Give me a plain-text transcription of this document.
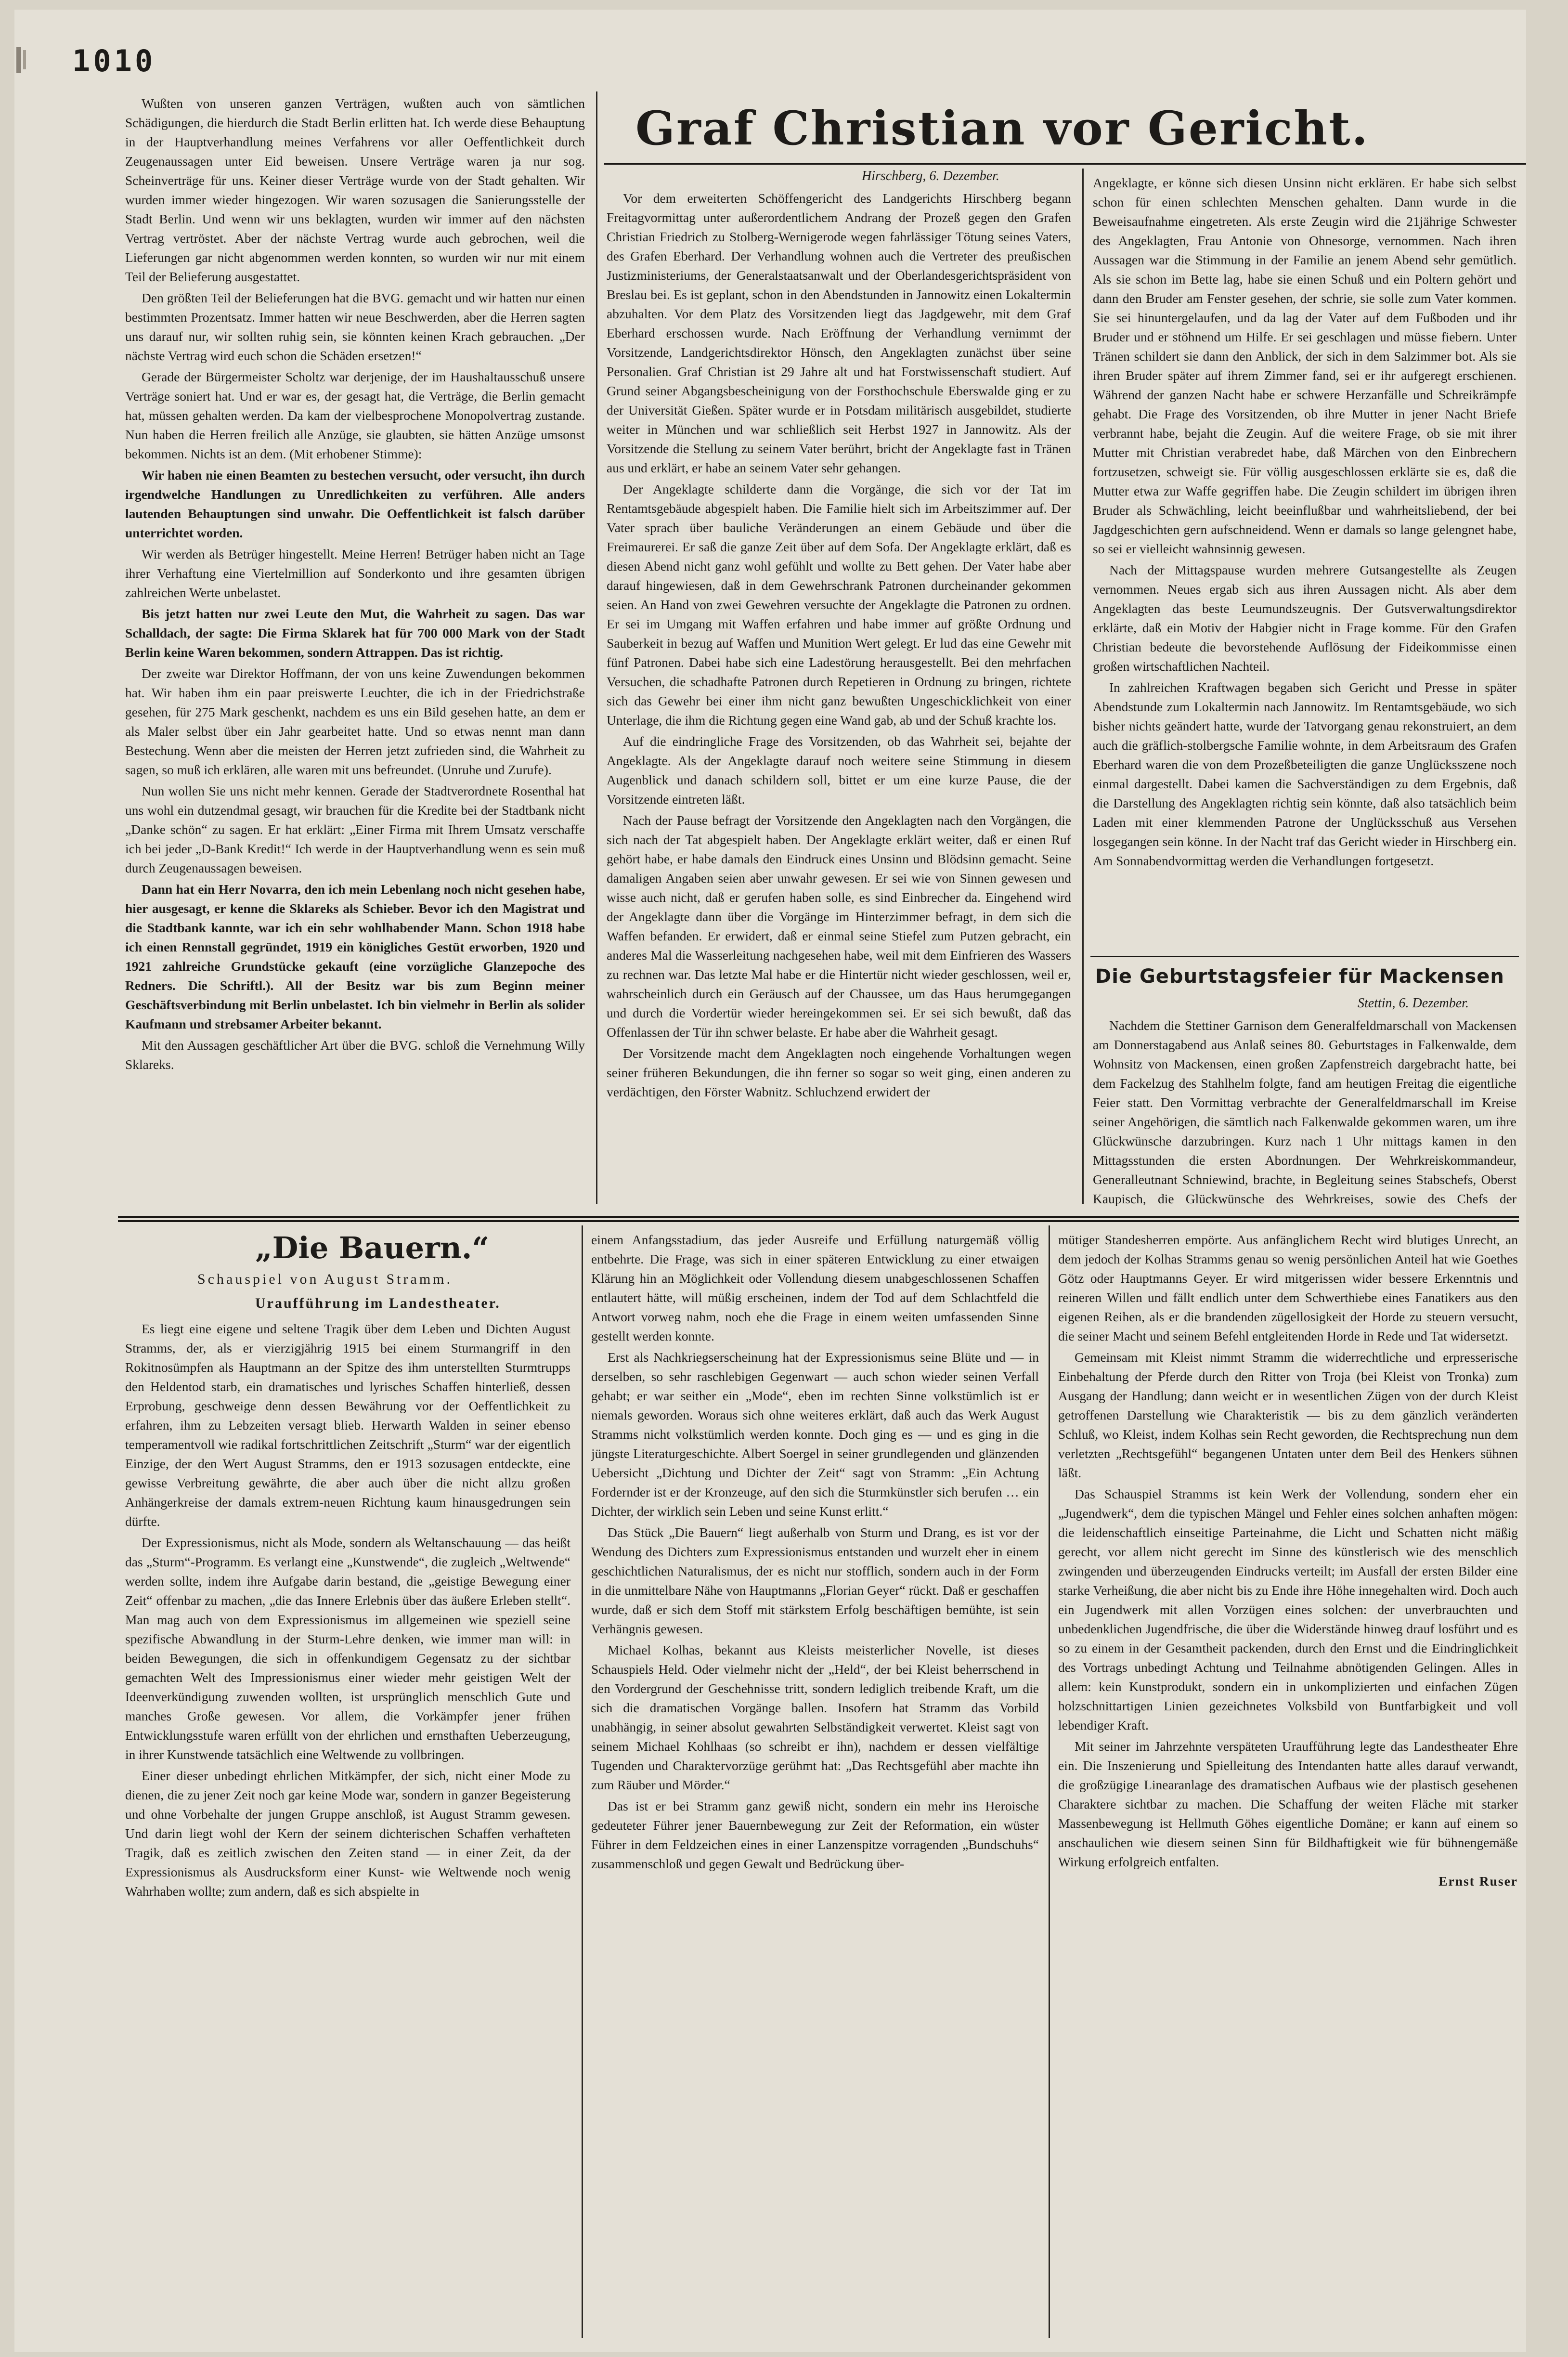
1010

Wußten von unseren ganzen Verträgen, wußten auch von sämtlichen Schädigungen, die hierdurch die Stadt Berlin erlitten hat. Ich werde diese Behauptung in der Hauptverhandlung meines Verfahrens vor aller Oeffentlichkeit durch Zeugenaussagen unter Eid beweisen. Unsere Verträge waren ja nur sog. Scheinverträge für uns. Keiner dieser Verträge wurde von der Stadt gehalten. Wir wurden immer wieder hingezogen. Wir waren sozusagen die Sanierungsstelle der Stadt Berlin. Und wenn wir uns beklagten, wurden wir immer auf den nächsten Vertrag vertröstet. Aber der nächste Vertrag wurde auch gebrochen, weil die Lieferungen gar nicht abgenommen werden konnten, so wurden wir nur mit einem Teil der Belieferung ausgestattet.

Den größten Teil der Belieferungen hat die BVG. gemacht und wir hatten nur einen bestimmten Prozentsatz. Immer hatten wir neue Beschwerden, aber die Herren sagten uns darauf nur, wir sollten ruhig sein, sie könnten keinen Krach gebrauchen. „Der nächste Vertrag wird euch schon die Schäden ersetzen!“

Gerade der Bürgermeister Scholtz war derjenige, der im Haushaltausschuß unsere Verträge soniert hat. Und er war es, der gesagt hat, die Verträge, die Berlin gemacht hat, müssen gehalten werden. Da kam der vielbesprochene Monopolvertrag zustande. Nun haben die Herren freilich alle Anzüge, sie glaubten, sie hätten Anzüge umsonst bekommen. Nichts ist an dem. (Mit erhobener Stimme):

Wir haben nie einen Beamten zu bestechen versucht, oder versucht, ihn durch irgendwelche Handlungen zu Unredlichkeiten zu verführen. Alle anders lautenden Behauptungen sind unwahr. Die Oeffentlichkeit ist falsch darüber unterrichtet worden.

Wir werden als Betrüger hingestellt. Meine Herren! Betrüger haben nicht an Tage ihrer Verhaftung eine Viertelmillion auf Sonderkonto und ihre gesamten übrigen zahlreichen Werte unbelastet.

Bis jetzt hatten nur zwei Leute den Mut, die Wahrheit zu sagen. Das war Schalldach, der sagte: Die Firma Sklarek hat für 700 000 Mark von der Stadt Berlin keine Waren bekommen, sondern Attrappen. Das ist richtig.

Der zweite war Direktor Hoffmann, der von uns keine Zuwendungen bekommen hat. Wir haben ihm ein paar preiswerte Leuchter, die ich in der Friedrichstraße gesehen, für 275 Mark geschenkt, nachdem es uns ein Bild gesehen hatte, an dem er als Maler selbst über ein Jahr gearbeitet hatte. Und so etwas nennt man dann Bestechung. Wenn aber die meisten der Herren jetzt zufrieden sind, die Wahrheit zu sagen, so muß ich erklären, alle waren mit uns befreundet. (Unruhe und Zurufe).

Nun wollen Sie uns nicht mehr kennen. Gerade der Stadtverordnete Rosenthal hat uns wohl ein dutzendmal gesagt, wir brauchen für die Kredite bei der Stadtbank nicht „Danke schön“ zu sagen. Er hat erklärt: „Einer Firma mit Ihrem Umsatz verschaffe ich bei jeder „D-Bank Kredit!“ Ich werde in der Hauptverhandlung wenn es sein muß durch Zeugenaussagen beweisen.

Dann hat ein Herr Novarra, den ich mein Lebenlang noch nicht gesehen habe, hier ausgesagt, er kenne die Sklareks als Schieber. Bevor ich den Magistrat und die Stadtbank kannte, war ich ein sehr wohlhabender Mann. Schon 1918 habe ich einen Rennstall gegründet, 1919 ein königliches Gestüt erworben, 1920 und 1921 zahlreiche Grundstücke gekauft (eine vorzügliche Glanzepoche des Redners. Die Schriftl.). All der Besitz war bis zum Beginn meiner Geschäftsverbindung mit Berlin unbelastet. Ich bin vielmehr in Berlin als solider Kaufmann und strebsamer Arbeiter bekannt.

Mit den Aussagen geschäftlicher Art über die BVG. schloß die Vernehmung Willy Sklareks.

Graf Christian vor Gericht.
Hirschberg, 6. Dezember.

Vor dem erweiterten Schöffengericht des Landgerichts Hirschberg begann Freitagvormittag unter außerordentlichem Andrang der Prozeß gegen den Grafen Christian Friedrich zu Stolberg-Wernigerode wegen fahrlässiger Tötung seines Vaters, des Grafen Eberhard. Der Verhandlung wohnen auch die Vertreter des preußischen Justizministeriums, der Generalstaatsanwalt und der Oberlandesgerichtspräsident von Breslau bei. Es ist geplant, schon in den Abendstunden in Jannowitz einen Lokaltermin abzuhalten. Vor dem Platz des Vorsitzenden liegt das Jagdgewehr, mit dem Graf Eberhard erschossen wurde. Nach Eröffnung der Verhandlung vernimmt der Vorsitzende, Landgerichtsdirektor Hönsch, den Angeklagten zunächst über seine Personalien. Graf Christian ist 29 Jahre alt und hat Forstwissenschaft studiert. Auf Grund seiner Abgangsbescheinigung von der Forsthochschule Eberswalde ging er zu der Universität Gießen. Später wurde er in Potsdam militärisch ausgebildet, studierte weiter in München und war schließlich seit Herbst 1927 in Jannowitz. Als der Vorsitzende die Stellung zu seinem Vater berührt, bricht der Angeklagte fast in Tränen aus und erklärt, er habe an seinem Vater sehr gehangen.

Der Angeklagte schilderte dann die Vorgänge, die sich vor der Tat im Rentamtsgebäude abgespielt haben. Die Familie hielt sich im Arbeitszimmer auf. Der Vater sprach über bauliche Veränderungen an einem Gebäude und über die Freimaurerei. Er saß die ganze Zeit über auf dem Sofa. Der Angeklagte erklärt, daß es diesen Abend nicht ganz wohl gefühlt und wollte zu Bett gehen. Der Vater habe aber darauf hingewiesen, daß in dem Gewehrschrank Patronen durcheinander gekommen seien. An Hand von zwei Gewehren versuchte der Angeklagte die Patronen zu ordnen. Er sei im Umgang mit Waffen erfahren und habe immer auf größte Ordnung und Sauberkeit in bezug auf Waffen und Munition Wert gelegt. Er lud das eine Gewehr mit fünf Patronen. Dabei habe sich eine Ladestörung herausgestellt. Bei den mehrfachen Versuchen, die schadhafte Patronen durch Repetieren in Ordnung zu bringen, richtete sich das Gewehr bei einer ihm nicht ganz bewußten Ungeschicklichkeit von einer Unterlage, die ihm die Richtung gegen eine Wand gab, ab und der Schuß krachte los.

Auf die eindringliche Frage des Vorsitzenden, ob das Wahrheit sei, bejahte der Angeklagte. Als der Angeklagte darauf noch weitere seine Stimmung in diesem Augenblick und danach schildern soll, bittet er um eine kurze Pause, die der Vorsitzende eintreten läßt.

Nach der Pause befragt der Vorsitzende den Angeklagten nach den Vorgängen, die sich nach der Tat abgespielt haben. Der Angeklagte erklärt weiter, daß er einen Ruf gehört habe, er habe damals den Eindruck eines Unsinn und Blödsinn gemacht. Seine damaligen Angaben seien aber unwahr gewesen. Er sei wie von Sinnen gewesen und wisse auch nicht, daß er gerufen haben solle, es sind Einbrecher da. Eingehend wird der Angeklagte dann über die Vorgänge im Hinterzimmer befragt, in dem sich die Waffen befanden. Er erwidert, daß er einmal seine Stiefel zum Putzen gebracht, ein anderes Mal die Wasserleitung nachgesehen habe, weil mit dem Einfrieren des Wassers zu rechnen war. Das letzte Mal habe er die Hintertür nicht wieder geschlossen, weil er, wahrscheinlich durch ein Geräusch auf der Chaussee, um das Haus herumgegangen und durch die Vordertür wieder hereingekommen sei. Er sei sich bewußt, daß das Offenlassen der Tür ihn schwer belaste. Er habe aber die Wahrheit gesagt.

Der Vorsitzende macht dem Angeklagten noch eingehende Vorhaltungen wegen seiner früheren Bekundungen, die ihn ferner so sogar so weit ging, einen anderen zu verdächtigen, den Förster Wabnitz. Schluchzend erwidert der

Angeklagte, er könne sich diesen Unsinn nicht erklären. Er habe sich selbst schon für einen schlechten Menschen gehalten. Dann wurde in die Beweisaufnahme eingetreten. Als erste Zeugin wird die 21jährige Schwester des Angeklagten, Frau Antonie von Ohnesorge, vernommen. Nach ihren Aussagen war die Stimmung in der Familie an jenem Abend sehr gemütlich. Als sie schon im Bette lag, habe sie einen Schuß und ein Poltern gehört und dann den Bruder am Fenster gesehen, der schrie, sie solle zum Vater kommen. Sie sei hinuntergelaufen, und da lag der Vater auf dem Fußboden und ihr Bruder und er stöhnend um Hilfe. Er sei geschlagen und müsse fiebern. Unter Tränen schildert sie dann den Anblick, der sich in dem Salzimmer bot. Als sie ihren Bruder später auf ihrem Zimmer fand, sei er ihr aufgeregt erschienen. Während der ganzen Nacht habe er schwere Herzanfälle und Schreikrämpfe gehabt. Die Frage des Vorsitzenden, ob ihre Mutter in jener Nacht Briefe verbrannt habe, bejaht die Zeugin. Auf die weitere Frage, ob sie mit ihrer Mutter mit Christian verabredet habe, daß Märchen von den Einbrechern fortzusetzen, schweigt sie. Für völlig ausgeschlossen erklärte sie es, daß die Mutter etwa zur Waffe gegriffen habe. Die Zeugin schildert im übrigen ihren Bruder als Schwächling, leicht beeinflußbar und wahrheitsliebend, der bei Jagdgeschichten gern aufschneidend. Wenn er damals so lange gelengnet habe, so sei er vielleicht wahnsinnig gewesen.

Nach der Mittagspause wurden mehrere Gutsangestellte als Zeugen vernommen. Neues ergab sich aus ihren Aussagen nicht. Als aber dem Angeklagten das beste Leumundszeugnis. Der Gutsverwaltungsdirektor erklärte, daß ein Motiv der Habgier nicht in Frage komme. Für den Grafen Christian bedeute die bevorstehende Auflösung der Fideikommisse einen großen wirtschaftlichen Nachteil.

In zahlreichen Kraftwagen begaben sich Gericht und Presse in später Abendstunde zum Lokaltermin nach Jannowitz. Im Rentamtsgebäude, wo sich bisher nichts geändert hatte, wurde der Tatvorgang genau rekonstruiert, an dem auch die gräflich-stolbergsche Familie wohnte, in dem Arbeitsraum des Grafen Eberhard waren die von dem Prozeßbeteiligten die ganze Unglücksszene noch einmal dargestellt. Dabei kamen die Sachverständigen zu dem Ergebnis, daß die Darstellung des Angeklagten richtig sein könnte, daß also tatsächlich beim Laden mit einer klemmenden Patrone der Unglücksschuß aus Versehen losgegangen sein könne. In der Nacht traf das Gericht wieder in Hirschberg ein. Am Sonnabendvormittag werden die Verhandlungen fortgesetzt.

Die Geburtstagsfeier für Mackensen
Stettin, 6. Dezember.

Nachdem die Stettiner Garnison dem Generalfeldmarschall von Mackensen am Donnerstagabend aus Anlaß seines 80. Geburtstages in Falkenwalde, dem Wohnsitz von Mackensen, einen großen Zapfenstreich dargebracht hatte, bei dem Fackelzug des Stahlhelm folgte, fand am heutigen Freitag die eigentliche Feier statt. Den Vormittag verbrachte der Generalfeldmarschall im Kreise seiner Angehörigen, die sämtlich nach Falkenwalde gekommen waren, um ihre Glückwünsche darzubringen. Kurz nach 1 Uhr mittags kamen in den Mittagsstunden die ersten Abordnungen. Der Wehrkreiskommandeur, Generalleutnant Schniewind, brachte, in Begleitung seines Stabschefs, Oberst Kaupisch, die Glückwünsche des Wehrkreises, sowie des Chefs der

„Die Bauern.“
Schauspiel von August Stramm.
Uraufführung im Landestheater.

Es liegt eine eigene und seltene Tragik über dem Leben und Dichten August Stramms, der, als er vierzigjährig 1915 bei einem Sturmangriff in den Rokitnosümpfen als Hauptmann an der Spitze des ihm unterstellten Sturmtrupps den Heldentod starb, ein dramatisches und lyrisches Schaffen hinterließ, dessen Erprobung, geschweige denn dessen Bewährung vor der Oeffentlichkeit zu erfahren, ihm zu Lebzeiten versagt blieb. Herwarth Walden in seiner ebenso temperamentvoll wie radikal fortschrittlichen Zeitschrift „Sturm“ war der eigentlich Einzige, der den Wert August Stramms, den er 1913 sozusagen entdeckte, eine gewisse Verbreitung gewährte, die aber auch über die nicht allzu großen Anhängerkreise der damals extrem-neuen Richtung kaum hinausgedrungen sein dürfte.

Der Expressionismus, nicht als Mode, sondern als Weltanschauung — das heißt das „Sturm“-Programm. Es verlangt eine „Kunstwende“, die zugleich „Weltwende“ werden sollte, indem ihre Aufgabe darin bestand, die „geistige Bewegung einer Zeit“ offenbar zu machen, „die das Innere Erlebnis über das äußere Erleben stellt“. Man mag auch von dem Expressionismus im allgemeinen wie speziell seine spezifische Abwandlung in der Sturm-Lehre denken, wie immer man will: in beiden Bewegungen, die sich in offenkundigem Gegensatz zu der sichtbar gemachten Welt des Impressionismus einer wieder mehr geistigen Welt der Ideenverkündigung zuwenden wollten, ist ursprünglich menschlich Gute und manches Große gewesen. Vor allem, die Vorkämpfer jener frühen Entwicklungsstufe waren erfüllt von der ehrlichen und ernsthaften Ueberzeugung, in ihrer Kunstwende tatsächlich eine Weltwende zu vollbringen.

Einer dieser unbedingt ehrlichen Mitkämpfer, der sich, nicht einer Mode zu dienen, die zu jener Zeit noch gar keine Mode war, sondern in ganzer Begeisterung und ohne Vorbehalte der jungen Gruppe anschloß, ist August Stramm gewesen. Und darin liegt wohl der Kern der seinem dichterischen Schaffen verhafteten Tragik, daß es zeitlich zwischen den Zeiten stand — in einer Zeit, da der Expressionismus als Ausdrucksform einer Kunst- wie Weltwende noch wenig Wahrhaben wollte; zum andern, daß es sich abspielte in

einem Anfangsstadium, das jeder Ausreife und Erfüllung naturgemäß völlig entbehrte. Die Frage, was sich in einer späteren Entwicklung zu einer etwaigen Klärung hin an Möglichkeit oder Vollendung diesem unabgeschlossenen Schaffen entlautert hätte, will müßig erscheinen, indem der Tod auf dem Schlachtfeld die Antwort vorweg nahm, noch ehe die Frage in einem weiten umfassenden Sinne gestellt werden konnte.

Erst als Nachkriegserscheinung hat der Expressionismus seine Blüte und — in derselben, so sehr raschlebigen Gegenwart — auch schon wieder seinen Verfall gehabt; er war seither ein „Mode“, eben im rechten Sinne volkstümlich ist er niemals geworden. Woraus sich ohne weiteres erklärt, daß auch das Werk August Stramms nicht volkstümlich werden konnte. Doch ging es — und es ging in die jüngste Literaturgeschichte. Albert Soergel in seiner grundlegenden und glänzenden Uebersicht „Dichtung und Dichter der Zeit“ sagt von Stramm: „Ein Achtung Fordernder ist er der Kronzeuge, auf den sich die Sturmkünstler sich berufen … ein Dichter, der wirklich sein Leben und seine Kunst erlitt.“

Das Stück „Die Bauern“ liegt außerhalb von Sturm und Drang, es ist vor der Wendung des Dichters zum Expressionismus entstanden und wurzelt eher in einem geschichtlichen Naturalismus, der es nicht nur stofflich, sondern auch in der Form in die unmittelbare Nähe von Hauptmanns „Florian Geyer“ rückt. Daß er geschaffen wurde, daß er sich dem Stoff mit stärkstem Erfolg beschäftigen bemühte, ist sein Verhängnis gewesen.

Michael Kolhas, bekannt aus Kleists meisterlicher Novelle, ist dieses Schauspiels Held. Oder vielmehr nicht der „Held“, der bei Kleist beherrschend in den Vordergrund der Geschehnisse tritt, sondern lediglich treibende Kraft, um die sich die dramatischen Vorgänge ballen. Insofern hat Stramm das Vorbild unabhängig, in seiner absolut gewahrten Selbständigkeit verwertet. Kleist sagt von seinem Michael Kohlhaas (so schreibt er ihn), nachdem er dessen vielfältige Tugenden und Charaktervorzüge gerühmt hat: „Das Rechtsgefühl aber machte ihn zum Räuber und Mörder.“

Das ist er bei Stramm ganz gewiß nicht, sondern ein mehr ins Heroische gedeuteter Führer jener Bauernbewegung zur Zeit der Reformation, ein wüster Führer in dem Feldzeichen eines in einer Lanzenspitze vorragenden „Bundschuhs“ zusammenschloß und gegen Gewalt und Bedrückung über-

mütiger Standesherren empörte. Aus anfänglichem Recht wird blutiges Unrecht, an dem jedoch der Kolhas Stramms genau so wenig persönlichen Anteil hat wie Goethes Götz oder Hauptmanns Geyer. Er wird mitgerissen wider bessere Erkenntnis und reineren Willen und fällt endlich unter dem Schwerthiebe eines Fanatikers aus den eigenen Reihen, als er die brandenden zügellosigkeit der Horde zu steuern versucht, die seiner Macht und seinem Befehl entgleitenden Horde in Rede und Tat widersetzt.

Gemeinsam mit Kleist nimmt Stramm die widerrechtliche und erpresserische Einbehaltung der Pferde durch den Ritter von Troja (bei Kleist von Tronka) zum Ausgang der Handlung; dann weicht er in wesentlichen Zügen von der durch Kleist getroffenen Darstellung wie Charakteristik — bis zu dem gänzlich veränderten Schluß, wo Kleist, indem Kolhas sein Recht geworden, die Rechtsprechung nun dem verletzten „Rechtsgefühl“ begangenen Untaten unter dem Beil des Henkers sühnen läßt.

Das Schauspiel Stramms ist kein Werk der Vollendung, sondern eher ein „Jugendwerk“, dem die typischen Mängel und Fehler eines solchen anhaften mögen: die leidenschaftlich einseitige Parteinahme, die Licht und Schatten nicht mäßig gerecht, vor allem nicht gerecht im Sinne des künstlerisch wie des menschlich zwingenden und überzeugenden Eindrucks verteilt; im Ausfall der ersten Bilder eine starke Verheißung, die aber nicht bis zu Ende ihre Höhe innegehalten wird. Doch auch ein Jugendwerk mit allen Vorzügen eines solchen: der unverbrauchten und unbedenklichen Jugendfrische, die über die Widerstände hinweg drauf losführt und es so zu einem in der Gesamtheit packenden, durch den Ernst und die Eindringlichkeit des Vortrags unbedingt Achtung und Teilnahme abnötigenden Gelingen. Alles in allem: kein Kunstprodukt, sondern ein in unkomplizierten und einfachen Zügen holzschnittartigen Linien gezeichnetes Volksbild von Buntfarbigkeit und voll lebendiger Kraft.

Mit seiner im Jahrzehnte verspäteten Uraufführung legte das Landestheater Ehre ein. Die Inszenierung und Spielleitung des Intendanten hatte alles darauf verwandt, die großzügige Linearanlage des dramatischen Aufbaus wie der plastisch gesehenen Charaktere sichtbar zu machen. Die Schaffung der weiten Fläche mit starker Massenbewegung ist Hellmuth Göhes eigentliche Domäne; er kann auf einem so anschaulichen wie diesem seinen Sinn für Bildhaftigkeit wie für bühnengemäße Wirkung erfolgreich entfalten.

Ernst Ruser
